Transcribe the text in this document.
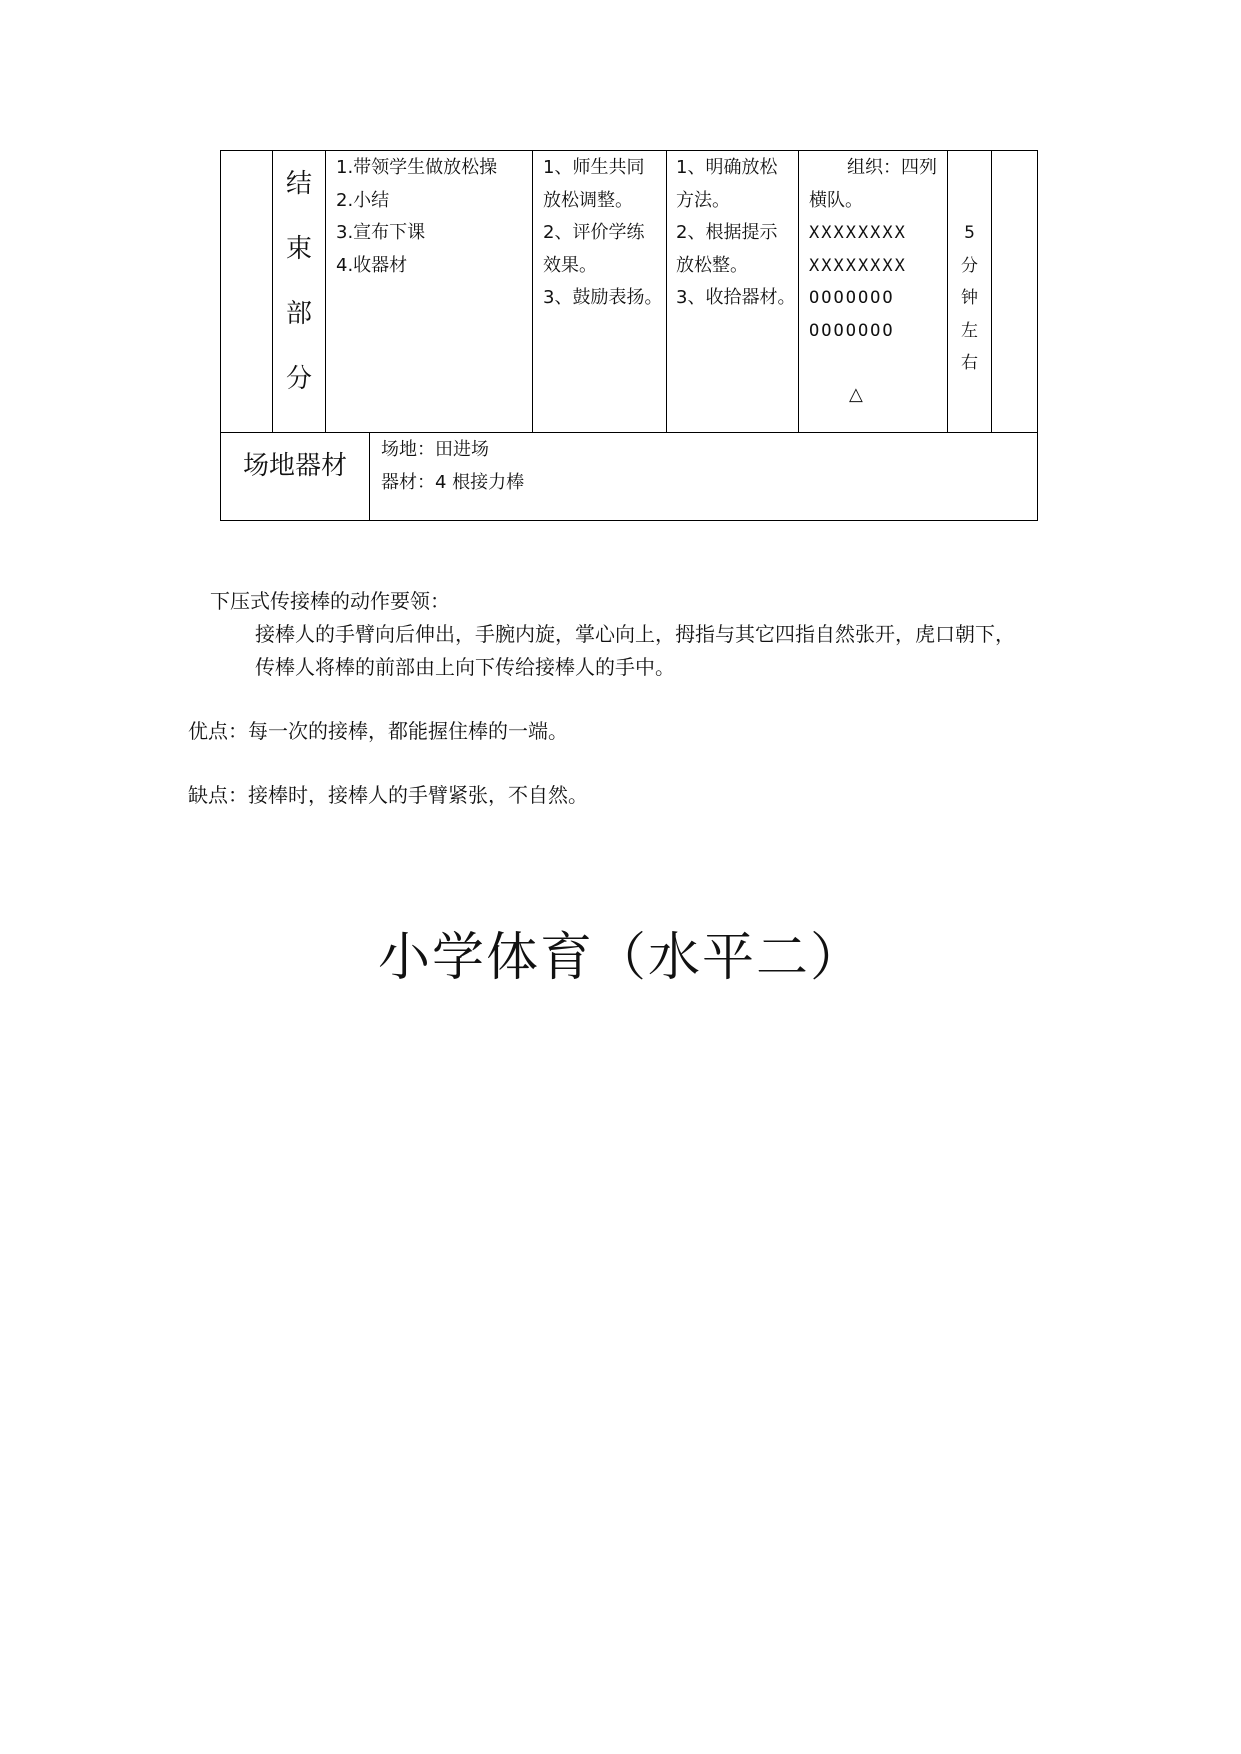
结
束
部
分
1.带领学生做放松操
2.小结
3.宣布下课
4.收器材
1、师生共同
放松调整。
2、评价学练
效果。
3、鼓励表扬。
1、明确放松
方法。
2、根据提示
放松整。
3、收拾器材。
组织：四列
横队。
XXXXXXXX
XXXXXXXX
OOOOOOO
OOOOOOO
△
5
分
钟
左
右
场地器材
场地：田进场
器材：4 根接力棒
下压式传接棒的动作要领：
接棒人的手臂向后伸出，手腕内旋，掌心向上，拇指与其它四指自然张开，虎口朝下，
传棒人将棒的前部由上向下传给接棒人的手中。
优点：每一次的接棒，都能握住棒的一端。
缺点：接棒时，接棒人的手臂紧张，不自然。
小学体育（水平二）
